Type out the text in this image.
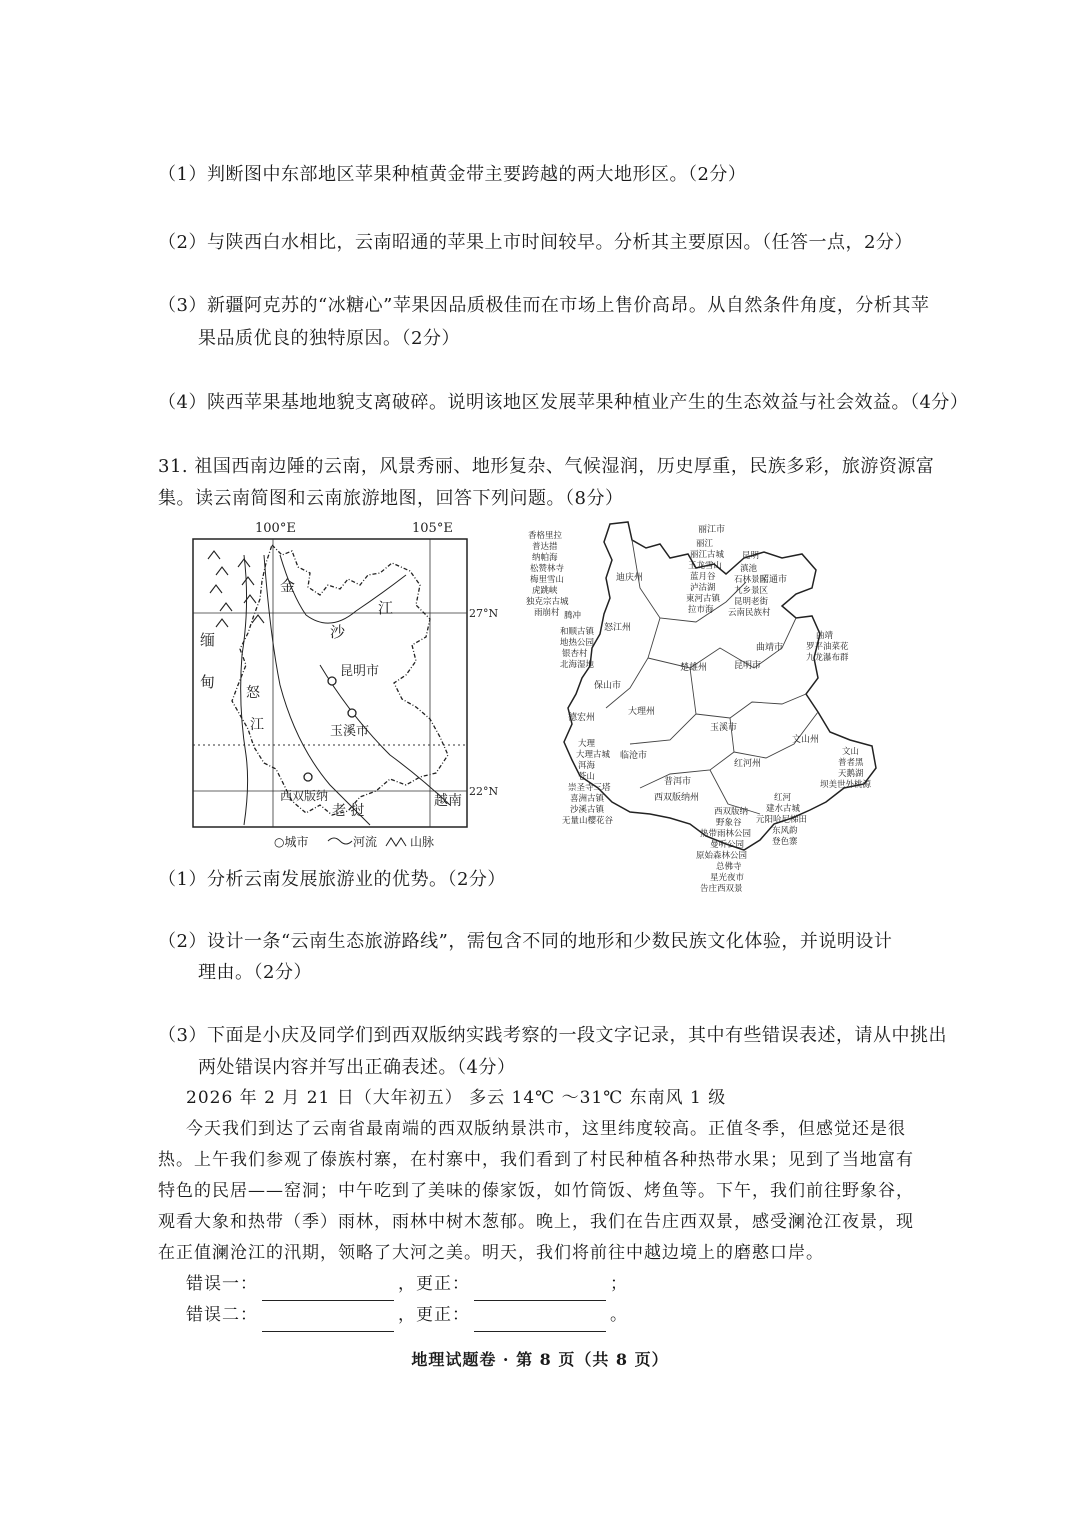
（1）判断图中东部地区苹果种植黄金带主要跨越的两大地形区。（2分）
（2）与陕西白水相比，云南昭通的苹果上市时间较早。分析其主要原因。（任答一点，2分）
（3）新疆阿克苏的“冰糖心”苹果因品质极佳而在市场上售价高昂。从自然条件角度，分析其苹
果品质优良的独特原因。（2分）
（4）陕西苹果基地地貌支离破碎。说明该地区发展苹果种植业产生的生态效益与社会效益。（4分）
31. 祖国西南边陲的云南，风景秀丽、地形复杂、气候湿润，历史厚重，民族多彩，旅游资源富
集。读云南简图和云南旅游地图，回答下列问题。（8分）
100°E	105°E
27°N
22°N
金
沙
江
缅
甸
怒
江
昆明市
玉溪市
西双版纳
老 挝
越南
○城市	河流	山脉
迪庆州
丽江市
怒江州
大理州
保山市
德宏州
临沧市
普洱市
楚雄州	昆明市
曲靖市
玉溪市
红河州
文山州
西双版纳州
昭通市
香格里拉
普达措
纳帕海
松赞林寺
梅里雪山
虎跳峡
独克宗古城
雨崩村
丽江
丽江古城
玉龙雪山
蓝月谷
泸沽湖
東河古镇
拉市海
昆明
滇池
石林景区
九乡景区
昆明老街
云南民族村
腾冲
和顺古镇
地热公园
银杏村
北海湿地
曲靖
罗平油菜花
九龙瀑布群
大理
大理古城
洱海
苍山
崇圣寺三塔
喜洲古镇
沙溪古镇
无量山樱花谷
文山
普者黑
天鹅湖
坝美世外桃源
红河
建水古城
元阳哈尼梯田
东风韵
登色寨
西双版纳
野象谷
热带雨林公园
曼听公园
原始森林公园
总佛寺
星光夜市
告庄西双景
（1）分析云南发展旅游业的优势。（2分）
（2）设计一条“云南生态旅游路线”，需包含不同的地形和少数民族文化体验，并说明设计
理由。（2分）
（3）下面是小庆及同学们到西双版纳实践考察的一段文字记录，其中有些错误表述，请从中挑出
两处错误内容并写出正确表述。（4分）
2026 年 2 月 21 日（大年初五） 多云 14℃ ～31℃ 东南风 1 级
今天我们到达了云南省最南端的西双版纳景洪市，这里纬度较高。正值冬季，但感觉还是很
热。上午我们参观了傣族村寨，在村寨中，我们看到了村民种植各种热带水果；见到了当地富有
特色的民居——窑洞；中午吃到了美味的傣家饭，如竹筒饭、烤鱼等。下午，我们前往野象谷，
观看大象和热带（季）雨林，雨林中树木葱郁。晚上，我们在告庄西双景，感受澜沧江夜景，现
在正值澜沧江的汛期，领略了大河之美。明天，我们将前往中越边境上的磨憨口岸。
错误一：	，更正：	；
错误二：	，更正：	。
地理试题卷 · 第 8 页（共 8 页）
